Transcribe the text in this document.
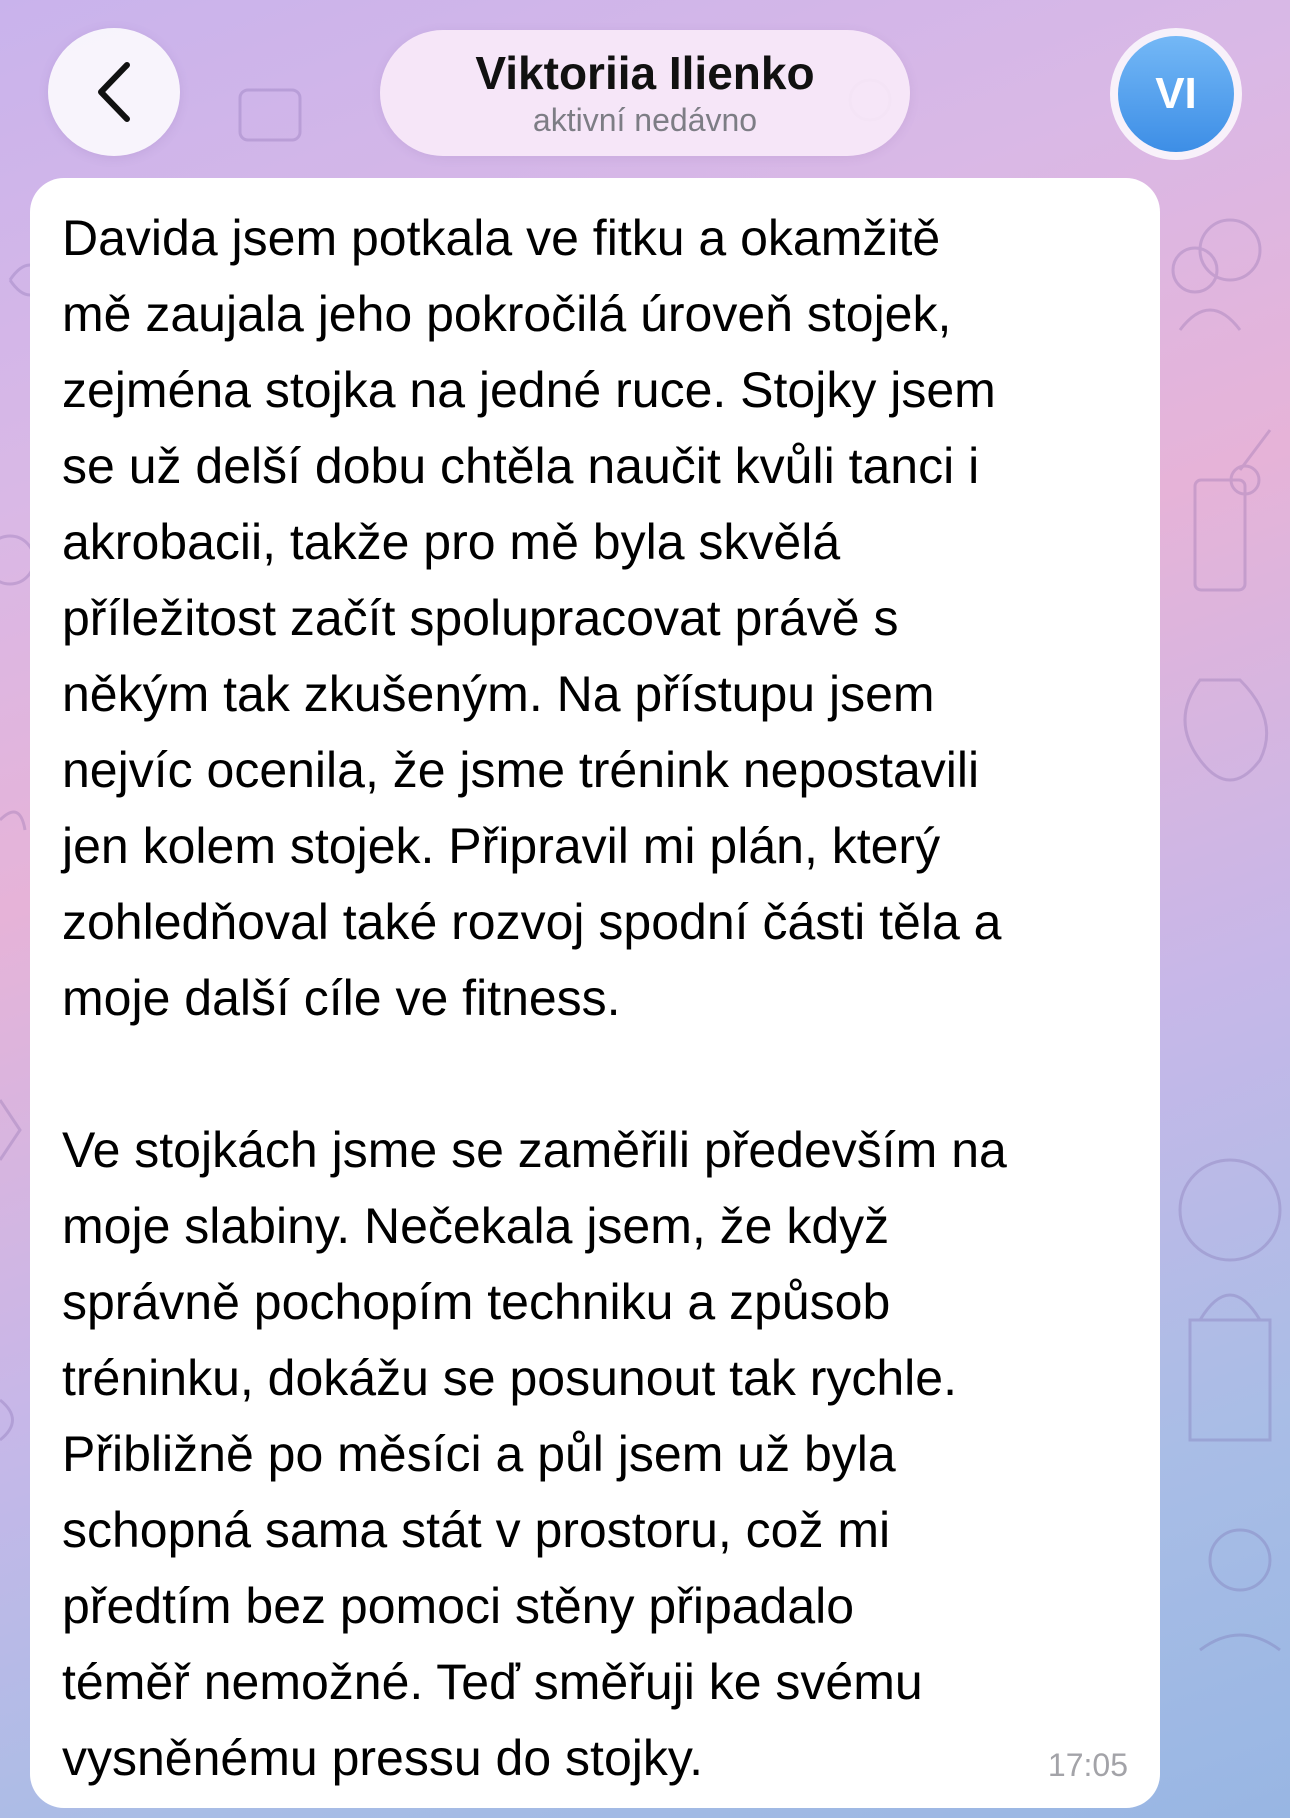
Viktoriia Ilienko
aktivní nedávno
VI

Davida jsem potkala ve fitku a okamžitě
mě zaujala jeho pokročilá úroveň stojek,
zejména stojka na jedné ruce. Stojky jsem
se už delší dobu chtěla naučit kvůli tanci i
akrobacii, takže pro mě byla skvělá
příležitost začít spolupracovat právě s
někým tak zkušeným. Na přístupu jsem
nejvíc ocenila, že jsme trénink nepostavili
jen kolem stojek. Připravil mi plán, který
zohledňoval také rozvoj spodní části těla a
moje další cíle ve fitness.

Ve stojkách jsme se zaměřili především na
moje slabiny. Nečekala jsem, že když
správně pochopím techniku a způsob
tréninku, dokážu se posunout tak rychle.
Přibližně po měsíci a půl jsem už byla
schopná sama stát v prostoru, což mi
předtím bez pomoci stěny připadalo
téměř nemožné. Teď směřuji ke svému
vysněnému pressu do stojky.	17:05
